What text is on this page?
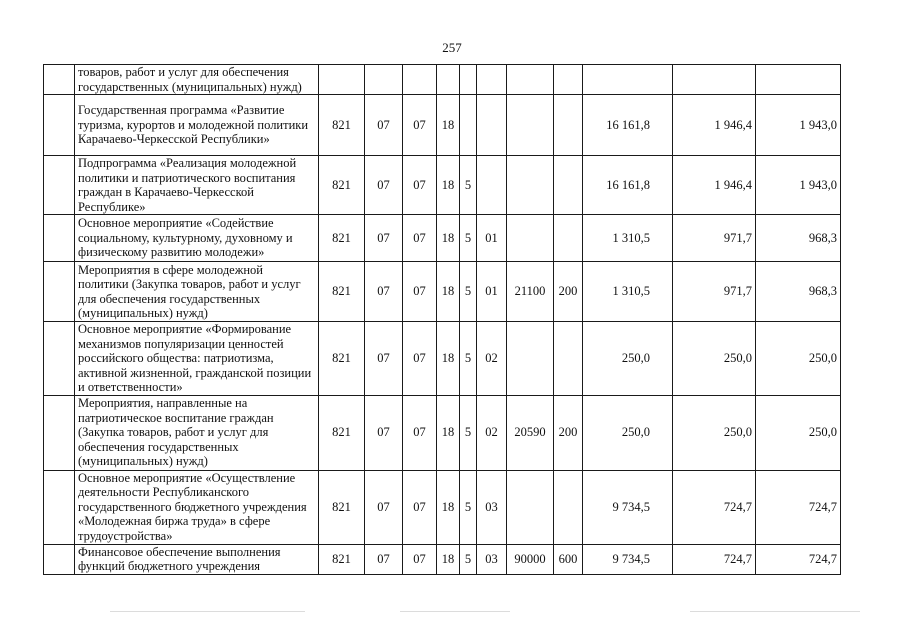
257
	товаров, работ и услуг для обеспечения государственных (муниципальных) нужд)											
	Государственная программа «Развитие туризма, курортов и молодежной политики Карачаево-Черкесской Республики»	821	07	07	18					16 161,8	1 946,4	1 943,0
	Подпрограмма «Реализация молодежной политики и патриотического воспитания граждан в Карачаево-Черкесской Республике»	821	07	07	18	5				16 161,8	1 946,4	1 943,0
	Основное мероприятие «Содействие социальному, культурному, духовному и физическому развитию молодежи»	821	07	07	18	5	01			1 310,5	971,7	968,3
	Мероприятия в сфере молодежной политики (Закупка товаров, работ и услуг для обеспечения государственных (муниципальных) нужд)	821	07	07	18	5	01	21100	200	1 310,5	971,7	968,3
	Основное мероприятие «Формирование механизмов популяризации ценностей российского общества: патриотизма, активной жизненной, гражданской позиции и ответственности»	821	07	07	18	5	02			250,0	250,0	250,0
	Мероприятия, направленные на патриотическое воспитание граждан (Закупка товаров, работ и услуг для обеспечения государственных (муниципальных) нужд)	821	07	07	18	5	02	20590	200	250,0	250,0	250,0
	Основное мероприятие «Осуществление деятельности Республиканского государственного бюджетного учреждения «Молодежная биржа труда» в сфере трудоустройства»	821	07	07	18	5	03			9 734,5	724,7	724,7
	Финансовое обеспечение выполнения функций бюджетного учреждения	821	07	07	18	5	03	90000	600	9 734,5	724,7	724,7
